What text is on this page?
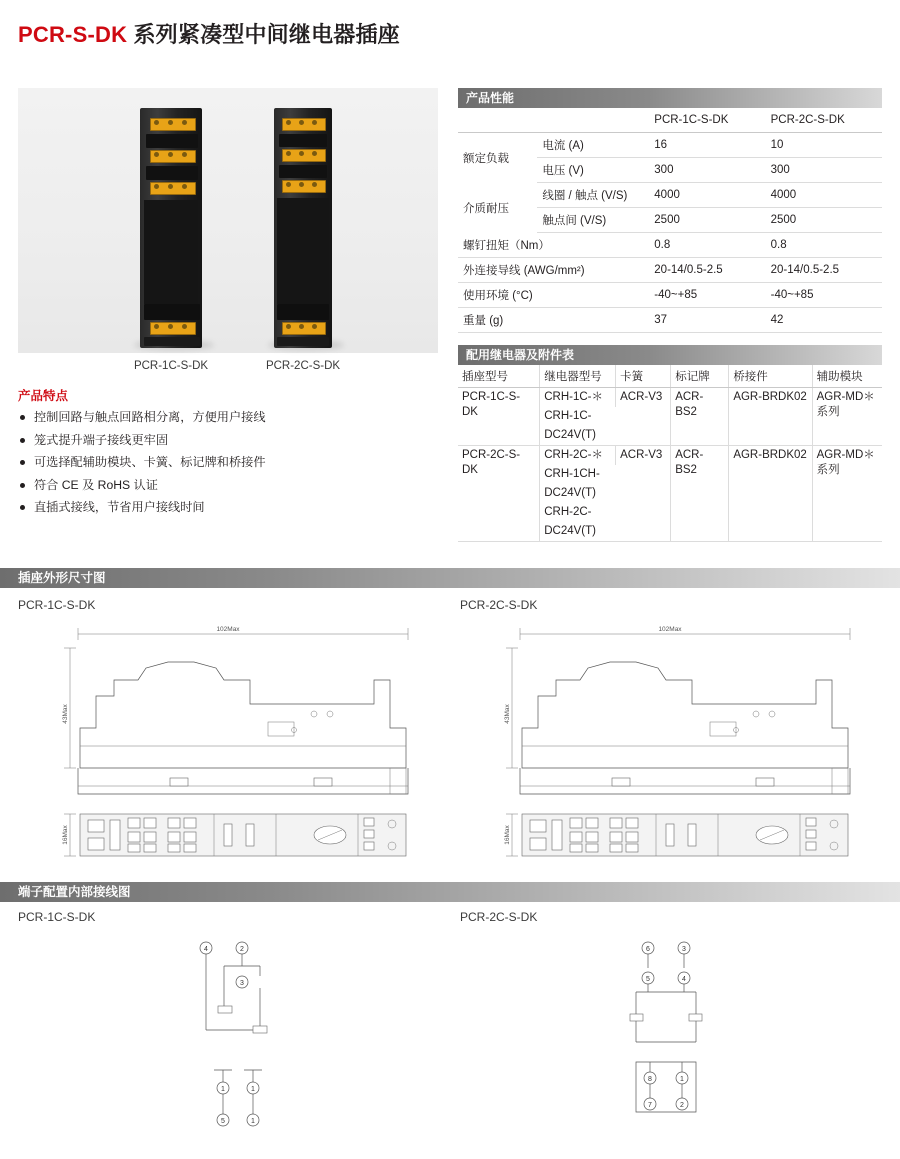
PCR-S-DK 系列紧凑型中间继电器插座
PCR-1C-S-DK	PCR-2C-S-DK
产品特点
控制回路与触点回路相分离，方便用户接线
笼式提升端子接线更牢固
可选择配辅助模块、卡簧、标记牌和桥接件
符合 CE 及 RoHS 认证
直插式接线，节省用户接线时间
产品性能
		PCR-1C-S-DK	PCR-2C-S-DK
额定负载	电流 (A)	16	10
	电压 (V)	300	300
介质耐压	线圈 / 触点 (V/S)	4000	4000
	触点间 (V/S)	2500	2500
螺钉扭矩（Nm）		0.8	0.8
外连接导线 (AWG/mm²)		20-14/0.5-2.5	20-14/0.5-2.5
使用环境 (°C)		-40~+85	-40~+85
重量 (g)		37	42
配用继电器及附件表
插座型号	继电器型号	卡簧	标记牌	桥接件	辅助模块
PCR-1C-S-DK	CRH-1C-＊	ACR-V3	ACR-BS2	AGR-BRDK02	AGR-MD＊系列
	CRH-1C-				
	DC24V(T)				
PCR-2C-S-DK	CRH-2C-＊	ACR-V3	ACR-BS2	AGR-BRDK02	AGR-MD＊系列
	CRH-1CH-				
	DC24V(T)				
	CRH-2C-				
	DC24V(T)				
插座外形尺寸图
PCR-1C-S-DK	PCR-2C-S-DK
102Max
43Max
16Max
102Max
43Max
16Max
端子配置内部接线图
PCR-1C-S-DK	PCR-2C-S-DK
4	2
3
1
5
1
1
6	3
5	4
8
7
1
2
